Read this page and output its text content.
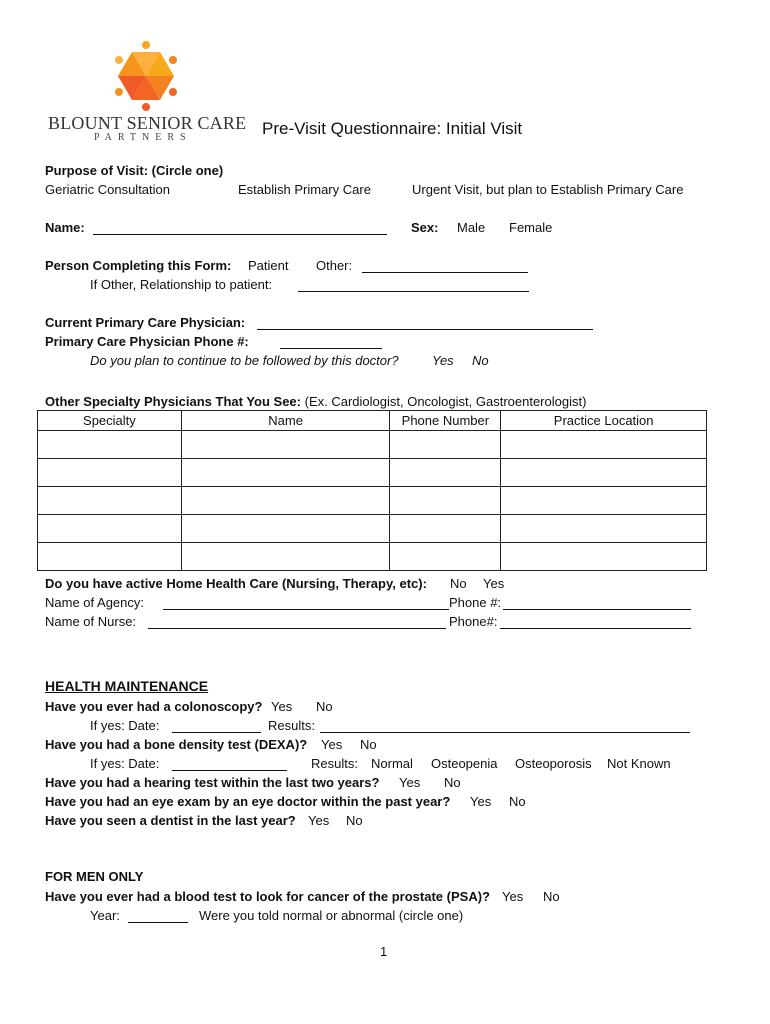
BLOUNT SENIOR CARE
PARTNERS	Pre-Visit Questionnaire: Initial Visit
Purpose of Visit: (Circle one)
Geriatric Consultation	Establish Primary Care	Urgent Visit, but plan to Establish Primary Care
Name:	Sex: Male Female
Person Completing this Form: Patient Other:
If Other, Relationship to patient:
Current Primary Care Physician:
Primary Care Physician Phone #:
Do you plan to continue to be followed by this doctor?	Yes No
Other Specialty Physicians That You See: (Ex. Cardiologist, Oncologist, Gastroenterologist)
Specialty	Name	Phone Number	Practice Location

Do you have active Home Health Care (Nursing, Therapy, etc): No Yes
Name of Agency:	Phone #:
Name of Nurse:	Phone#:
HEALTH MAINTENANCE
Have you ever had a colonoscopy? Yes No
If yes: Date:	Results:
Have you had a bone density test (DEXA)? Yes No
If yes: Date:	Results: Normal Osteopenia Osteoporosis Not Known
Have you had a hearing test within the last two years? Yes No
Have you had an eye exam by an eye doctor within the past year? Yes No
Have you seen a dentist in the last year? Yes No
FOR MEN ONLY
Have you ever had a blood test to look for cancer of the prostate (PSA)? Yes No
Year:	Were you told normal or abnormal (circle one)
1
